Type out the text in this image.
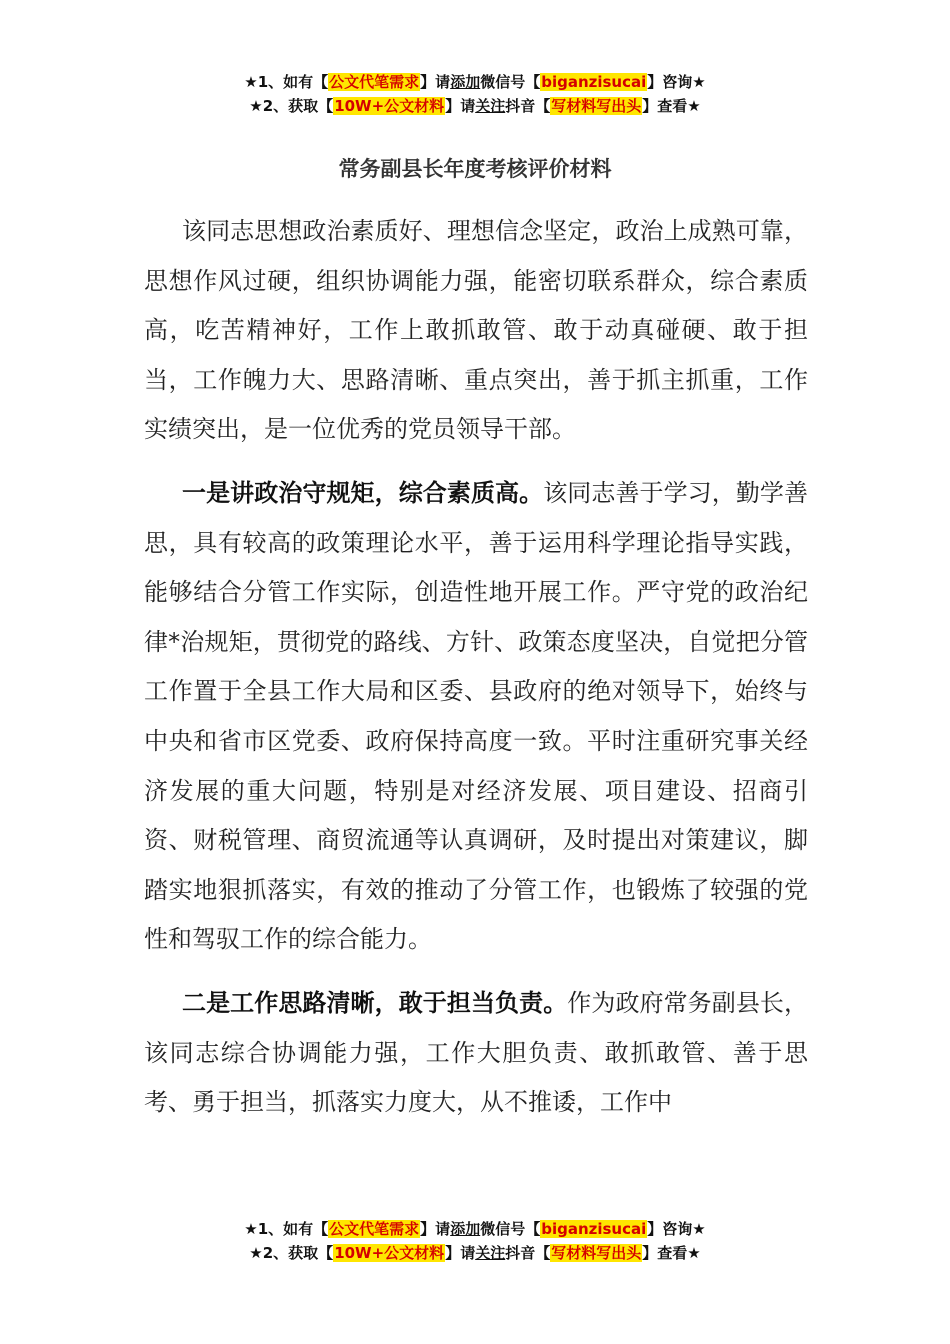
★1、如有【公文代笔需求】请添加微信号【biganzisucai】咨询★
★2、获取【10W+公文材料】请关注抖音【写材料写出头】查看★
常务副县长年度考核评价材料

该同志思想政治素质好、理想信念坚定，政治上成熟可靠，思想作风过硬，组织协调能力强，能密切联系群众，综合素质高，吃苦精神好，工作上敢抓敢管、敢于动真碰硬、敢于担当，工作魄力大、思路清晰、重点突出，善于抓主抓重，工作实绩突出，是一位优秀的党员领导干部。

一是讲政治守规矩，综合素质高。该同志善于学习，勤学善思，具有较高的政策理论水平，善于运用科学理论指导实践，能够结合分管工作实际，创造性地开展工作。严守党的政治纪律*治规矩，贯彻党的路线、方针、政策态度坚决，自觉把分管工作置于全县工作大局和区委、县政府的绝对领导下，始终与中央和省市区党委、政府保持高度一致。平时注重研究事关经济发展的重大问题，特别是对经济发展、项目建设、招商引资、财税管理、商贸流通等认真调研，及时提出对策建议，脚踏实地狠抓落实，有效的推动了分管工作，也锻炼了较强的党性和驾驭工作的综合能力。

二是工作思路清晰，敢于担当负责。作为政府常务副县长，该同志综合协调能力强，工作大胆负责、敢抓敢管、善于思考、勇于担当，抓落实力度大，从不推诿，工作中

★1、如有【公文代笔需求】请添加微信号【biganzisucai】咨询★
★2、获取【10W+公文材料】请关注抖音【写材料写出头】查看★
